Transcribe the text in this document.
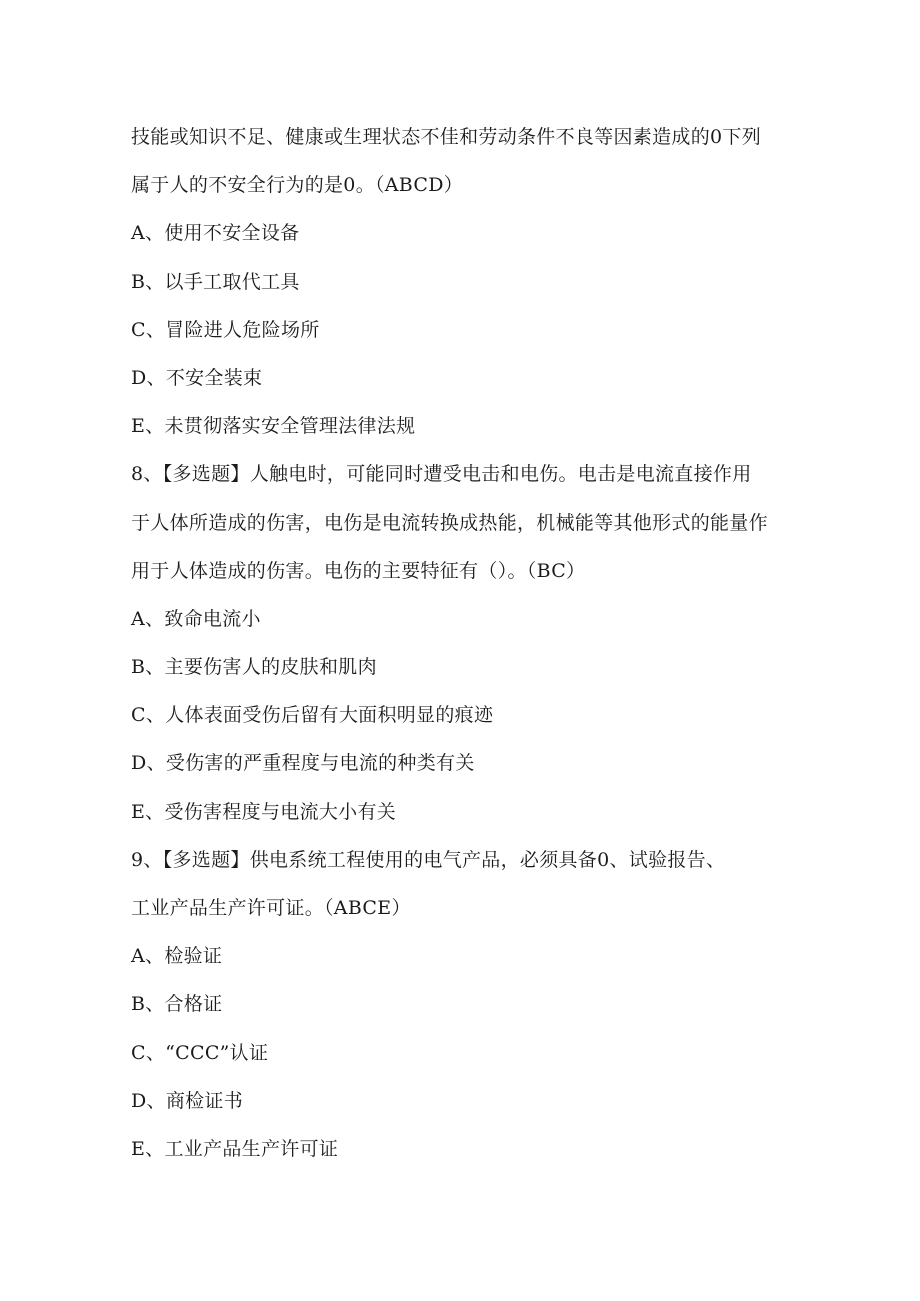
技能或知识不足、健康或生理状态不佳和劳动条件不良等因素造成的0下列
属于人的不安全行为的是0。（ABCD）
A、使用不安全设备
B、以手工取代工具
C、冒险进人危险场所
D、不安全装束
E、未贯彻落实安全管理法律法规
8、【多选题】人触电时，可能同时遭受电击和电伤。电击是电流直接作用
于人体所造成的伤害，电伤是电流转换成热能，机械能等其他形式的能量作
用于人体造成的伤害。电伤的主要特征有（）。（BC）
A、致命电流小
B、主要伤害人的皮肤和肌肉
C、人体表面受伤后留有大面积明显的痕迹
D、受伤害的严重程度与电流的种类有关
E、受伤害程度与电流大小有关
9、【多选题】供电系统工程使用的电气产品，必须具备0、试验报告、
工业产品生产许可证。（ABCE）
A、检验证
B、合格证
C、“CCC”认证
D、商检证书
E、工业产品生产许可证
